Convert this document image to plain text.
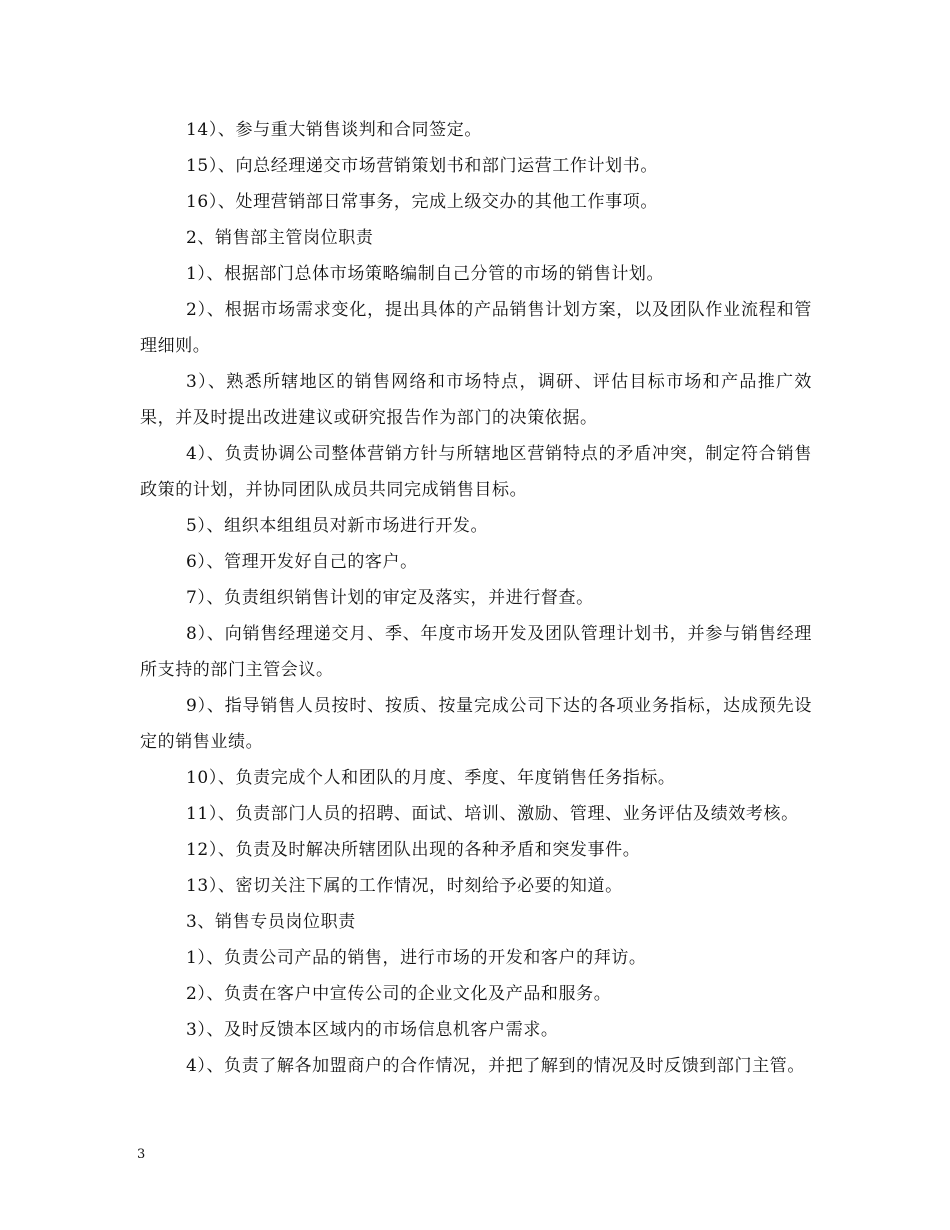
14）、参与重大销售谈判和合同签定。

15）、向总经理递交市场营销策划书和部门运营工作计划书。

16）、处理营销部日常事务，完成上级交办的其他工作事项。

2、销售部主管岗位职责

1）、根据部门总体市场策略编制自己分管的市场的销售计划。

2）、根据市场需求变化，提出具体的产品销售计划方案，以及团队作业流程和管理细则。

3）、熟悉所辖地区的销售网络和市场特点，调研、评估目标市场和产品推广效果，并及时提出改进建议或研究报告作为部门的决策依据。

4）、负责协调公司整体营销方针与所辖地区营销特点的矛盾冲突，制定符合销售政策的计划，并协同团队成员共同完成销售目标。

5）、组织本组组员对新市场进行开发。

6）、管理开发好自己的客户。

7）、负责组织销售计划的审定及落实，并进行督查。

8）、向销售经理递交月、季、年度市场开发及团队管理计划书，并参与销售经理所支持的部门主管会议。

9）、指导销售人员按时、按质、按量完成公司下达的各项业务指标，达成预先设定的销售业绩。

10）、负责完成个人和团队的月度、季度、年度销售任务指标。

11）、负责部门人员的招聘、面试、培训、激励、管理、业务评估及绩效考核。

12）、负责及时解决所辖团队出现的各种矛盾和突发事件。

13）、密切关注下属的工作情况，时刻给予必要的知道。

3、销售专员岗位职责

1）、负责公司产品的销售，进行市场的开发和客户的拜访。

2）、负责在客户中宣传公司的企业文化及产品和服务。

3）、及时反馈本区域内的市场信息机客户需求。

4）、负责了解各加盟商户的合作情况，并把了解到的情况及时反馈到部门主管。

3
